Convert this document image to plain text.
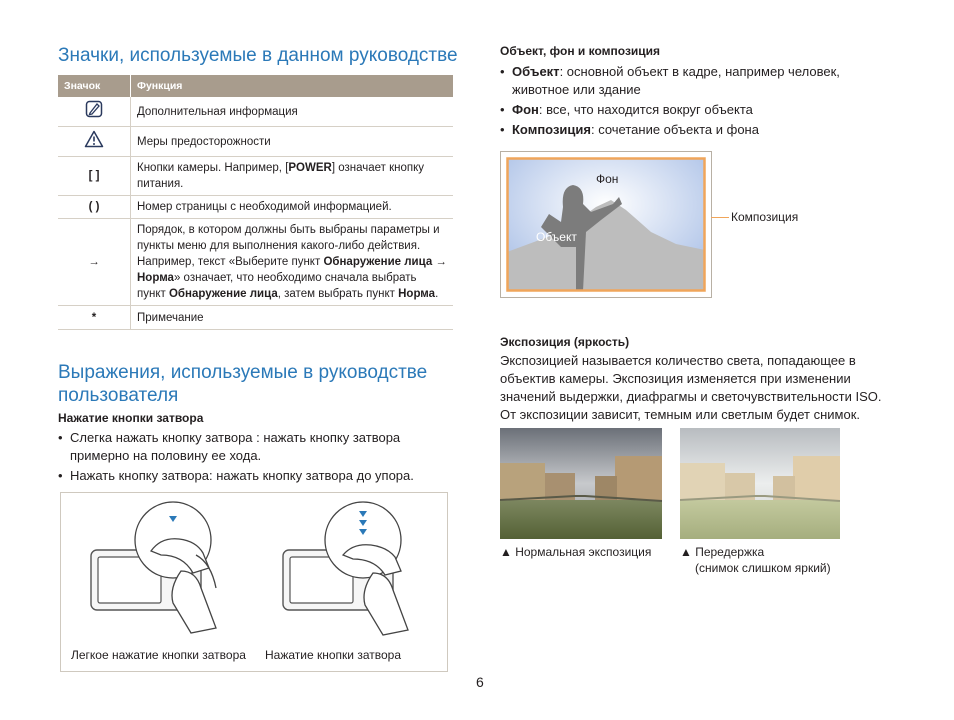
Значки, используемые в данном руководстве
Значок	Функция
	Дополнительная информация
	Меры предосторожности
[ ]	Кнопки камеры. Например, [POWER] означает кнопку питания.
( )	Номер страницы с необходимой информацией.
→	Порядок, в котором должны быть выбраны параметры и пункты меню для выполнения какого-либо действия. Например, текст «Выберите пункт Обнаружение лица → Норма» означает, что необходимо сначала выбрать пункт Обнаружение лица, затем выбрать пункт Норма.
*	Примечание
Выражения, используемые в руководстве пользователя
Нажатие кнопки затвора
• Слегка нажать кнопку затвора : нажать кнопку затвора примерно на половину ее хода.
• Нажать кнопку затвора: нажать кнопку затвора до упора.
Легкое нажатие кнопки затвора Нажатие кнопки затвора
Объект, фон и композиция
• Объект: основной объект в кадре, например человек, животное или здание
• Фон: все, что находится вокруг объекта
• Композиция: сочетание объекта и фона
Фон
Объект
Композиция
Экспозиция (яркость)
Экспозицией называется количество света, попадающее в объектив камеры. Экспозиция изменяется при изменении значений выдержки, диафрагмы и светочувствительности ISO. От экспозиции зависит, темным или светлым будет снимок.
▲ Нормальная экспозиция ▲ Передержка
(снимок слишком яркий)
6
